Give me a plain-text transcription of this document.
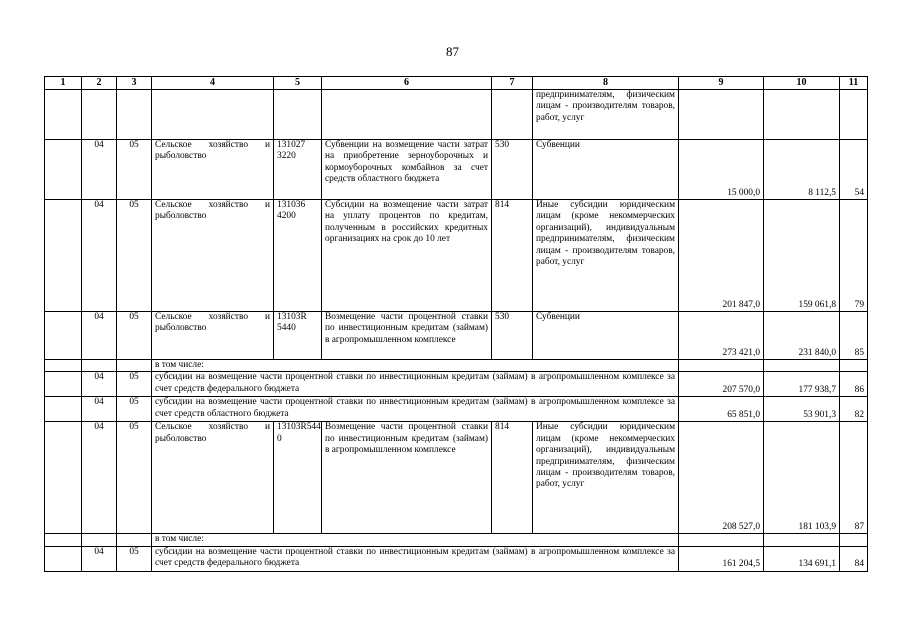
87
1	2	3	4	5	6	7	8	9	10	11
							предпринимателям, физическим лицам - производителям товаров, работ, услуг			
	04	05	Сельское хозяйство и рыболовство	131027 3220	Субвенции на возмещение части затрат на приобретение зерноуборочных и кормоуборочных комбайнов за счет средств областного бюджета	530	Субвенции	15 000,0	8 112,5	54
	04	05	Сельское хозяйство и рыболовство	131036 4200	Субсидии на возмещение части затрат на уплату процентов по кредитам, полученным в российских кредитных организациях на срок до 10 лет	814	Иные субсидии юридическим лицам (кроме некоммерческих организаций), индивидуальным предпринимателям, физическим лицам - производителям товаров, работ, услуг	201 847,0	159 061,8	79
	04	05	Сельское хозяйство и рыболовство	13103R 5440	Возмещение части процентной ставки по инвестиционным кредитам (займам) в агропромышленном комплексе	530	Субвенции	273 421,0	231 840,0	85
			в том числе:							
	04	05	субсидии на возмещение части процентной ставки по инвестиционным кредитам (займам) в агропромышленном комплексе за счет средств федерального бюджета					207 570,0	177 938,7	86
	04	05	субсидии на возмещение части процентной ставки по инвестиционным кредитам (займам) в агропромышленном комплексе за счет средств областного бюджета					65 851,0	53 901,3	82
	04	05	Сельское хозяйство и рыболовство	13103R544 0	Возмещение части процентной ставки по инвестиционным кредитам (займам) в агропромышленном комплексе	814	Иные субсидии юридическим лицам (кроме некоммерческих организаций), индивидуальным предпринимателям, физическим лицам - производителям товаров, работ, услуг	208 527,0	181 103,9	87
			в том числе:							
	04	05	субсидии на возмещение части процентной ставки по инвестиционным кредитам (займам) в агропромышленном комплексе за счет средств федерального бюджета					161 204,5	134 691,1	84
